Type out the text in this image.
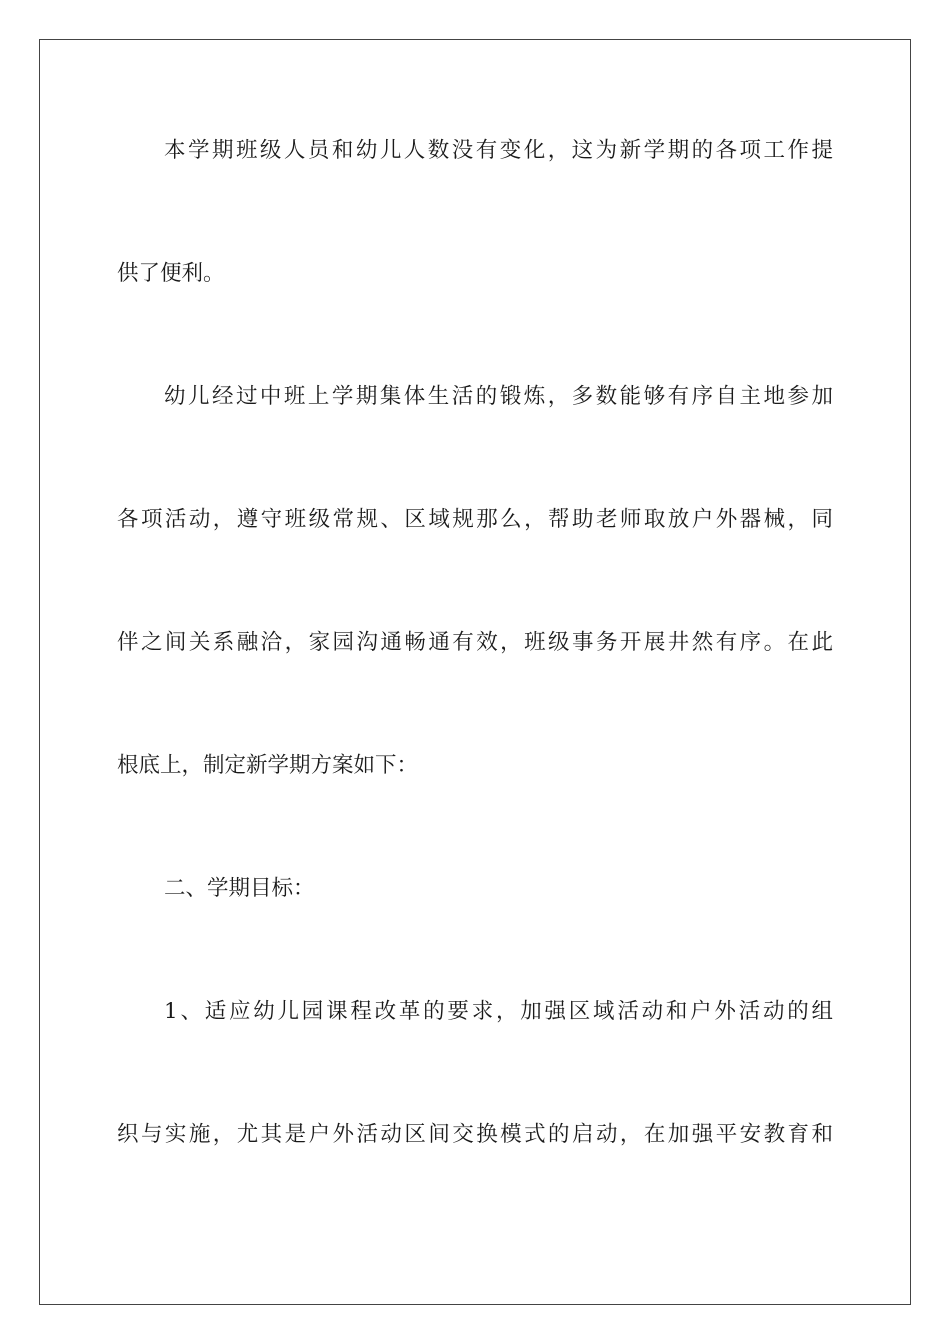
本学期班级人员和幼儿人数没有变化，这为新学期的各项工作提
供了便利。
幼儿经过中班上学期集体生活的锻炼，多数能够有序自主地参加
各项活动，遵守班级常规、区域规那么，帮助老师取放户外器械，同
伴之间关系融洽，家园沟通畅通有效，班级事务开展井然有序。在此
根底上，制定新学期方案如下：
二、学期目标：
1、适应幼儿园课程改革的要求，加强区域活动和户外活动的组
织与实施，尤其是户外活动区间交换模式的启动，在加强平安教育和
